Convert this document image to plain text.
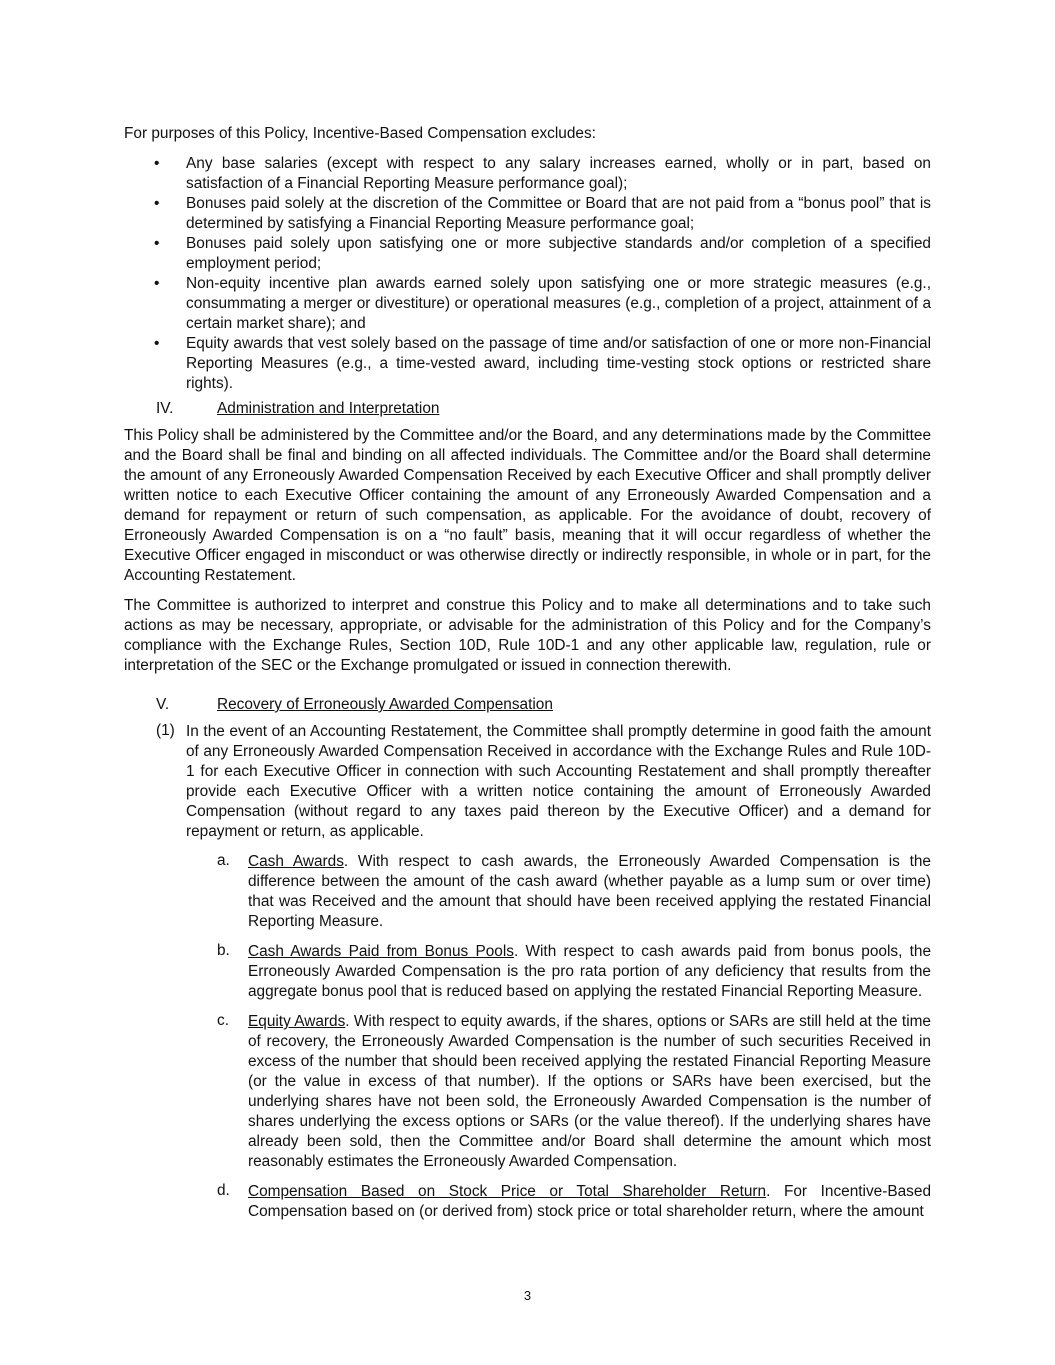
For purposes of this Policy, Incentive-Based Compensation excludes:

• Any base salaries (except with respect to any salary increases earned, wholly or in part, based on satisfaction of a Financial Reporting Measure performance goal);
• Bonuses paid solely at the discretion of the Committee or Board that are not paid from a “bonus pool” that is determined by satisfying a Financial Reporting Measure performance goal;
• Bonuses paid solely upon satisfying one or more subjective standards and/or completion of a specified employment period;
• Non-equity incentive plan awards earned solely upon satisfying one or more strategic measures (e.g., consummating a merger or divestiture) or operational measures (e.g., completion of a project, attainment of a certain market share); and
• Equity awards that vest solely based on the passage of time and/or satisfaction of one or more non-Financial Reporting Measures (e.g., a time-vested award, including time-vesting stock options or restricted share rights).
IV.	Administration and Interpretation

This Policy shall be administered by the Committee and/or the Board, and any determinations made by the Committee and the Board shall be final and binding on all affected individuals. The Committee and/or the Board shall determine the amount of any Erroneously Awarded Compensation Received by each Executive Officer and shall promptly deliver written notice to each Executive Officer containing the amount of any Erroneously Awarded Compensation and a demand for repayment or return of such compensation, as applicable. For the avoidance of doubt, recovery of Erroneously Awarded Compensation is on a “no fault” basis, meaning that it will occur regardless of whether the Executive Officer engaged in misconduct or was otherwise directly or indirectly responsible, in whole or in part, for the Accounting Restatement.

The Committee is authorized to interpret and construe this Policy and to make all determinations and to take such actions as may be necessary, appropriate, or advisable for the administration of this Policy and for the Company’s compliance with the Exchange Rules, Section 10D, Rule 10D-1 and any other applicable law, regulation, rule or interpretation of the SEC or the Exchange promulgated or issued in connection therewith.

V.	Recovery of Erroneously Awarded Compensation
(1) In the event of an Accounting Restatement, the Committee shall promptly determine in good faith the amount of any Erroneously Awarded Compensation Received in accordance with the Exchange Rules and Rule 10D-1 for each Executive Officer in connection with such Accounting Restatement and shall promptly thereafter provide each Executive Officer with a written notice containing the amount of Erroneously Awarded Compensation (without regard to any taxes paid thereon by the Executive Officer) and a demand for repayment or return, as applicable.

a. Cash Awards. With respect to cash awards, the Erroneously Awarded Compensation is the difference between the amount of the cash award (whether payable as a lump sum or over time) that was Received and the amount that should have been received applying the restated Financial Reporting Measure.

b. Cash Awards Paid from Bonus Pools. With respect to cash awards paid from bonus pools, the Erroneously Awarded Compensation is the pro rata portion of any deficiency that results from the aggregate bonus pool that is reduced based on applying the restated Financial Reporting Measure.

c. Equity Awards. With respect to equity awards, if the shares, options or SARs are still held at the time of recovery, the Erroneously Awarded Compensation is the number of such securities Received in excess of the number that should been received applying the restated Financial Reporting Measure (or the value in excess of that number). If the options or SARs have been exercised, but the underlying shares have not been sold, the Erroneously Awarded Compensation is the number of shares underlying the excess options or SARs (or the value thereof). If the underlying shares have already been sold, then the Committee and/or Board shall determine the amount which most reasonably estimates the Erroneously Awarded Compensation.

d. Compensation Based on Stock Price or Total Shareholder Return. For Incentive-Based Compensation based on (or derived from) stock price or total shareholder return, where the amount

3
